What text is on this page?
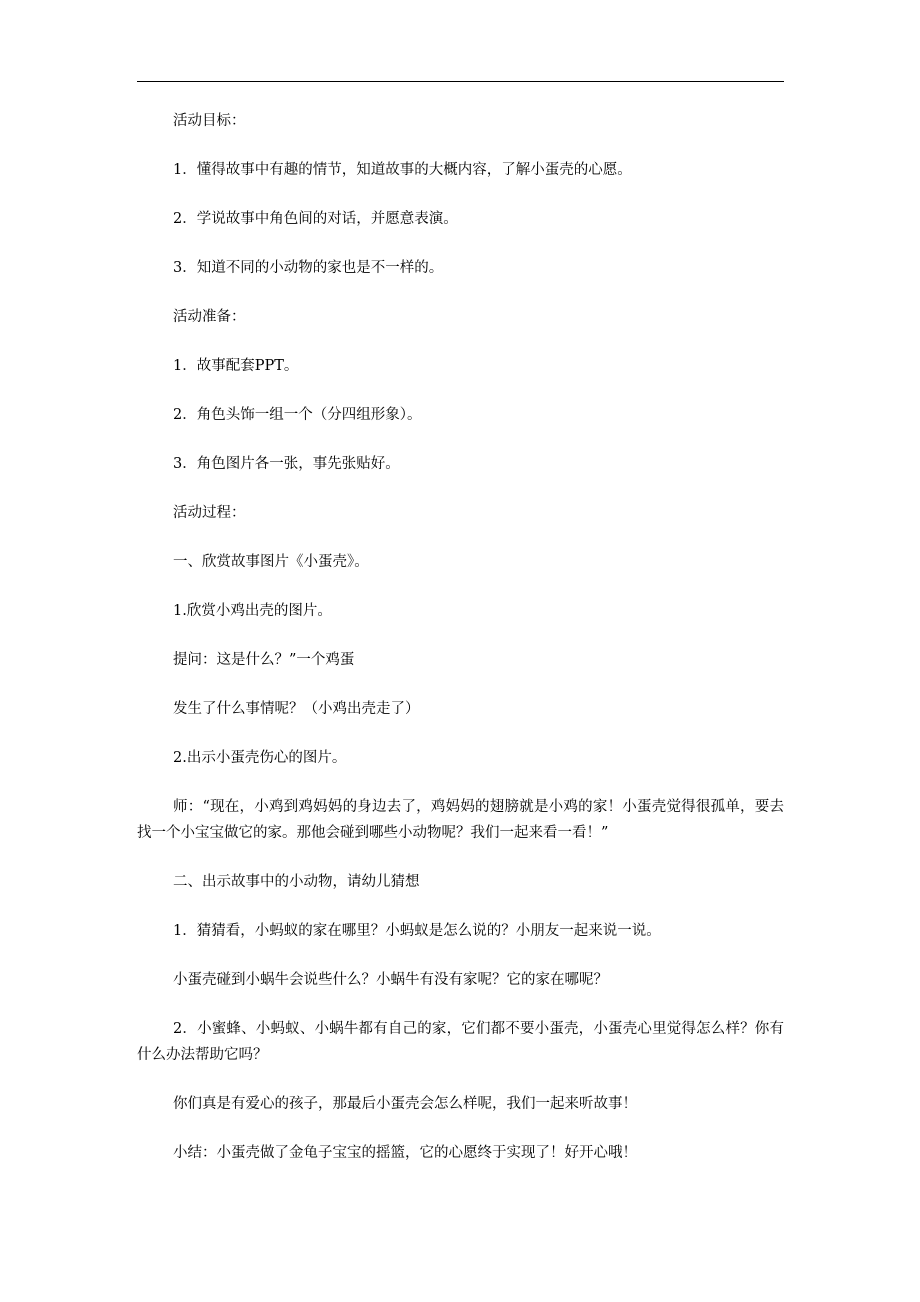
活动目标：

1．懂得故事中有趣的情节，知道故事的大概内容，了解小蛋壳的心愿。

2．学说故事中角色间的对话，并愿意表演。

3．知道不同的小动物的家也是不一样的。

活动准备：

1．故事配套PPT。

2．角色头饰一组一个（分四组形象）。

3．角色图片各一张，事先张贴好。

活动过程：

一、欣赏故事图片《小蛋壳》。

1.欣赏小鸡出壳的图片。

提问：这是什么？”一个鸡蛋

发生了什么事情呢？（小鸡出壳走了）

2.出示小蛋壳伤心的图片。

师：“现在，小鸡到鸡妈妈的身边去了，鸡妈妈的翅膀就是小鸡的家！小蛋壳觉得很孤单，要去找一个小宝宝做它的家。那他会碰到哪些小动物呢？我们一起来看一看！”

二、出示故事中的小动物，请幼儿猜想

1．猜猜看，小蚂蚁的家在哪里？小蚂蚁是怎么说的？小朋友一起来说一说。

小蛋壳碰到小蜗牛会说些什么？小蜗牛有没有家呢？它的家在哪呢？

2．小蜜蜂、小蚂蚁、小蜗牛都有自己的家，它们都不要小蛋壳，小蛋壳心里觉得怎么样？你有什么办法帮助它吗？

你们真是有爱心的孩子，那最后小蛋壳会怎么样呢，我们一起来听故事！

小结：小蛋壳做了金龟子宝宝的摇篮，它的心愿终于实现了！好开心哦！
